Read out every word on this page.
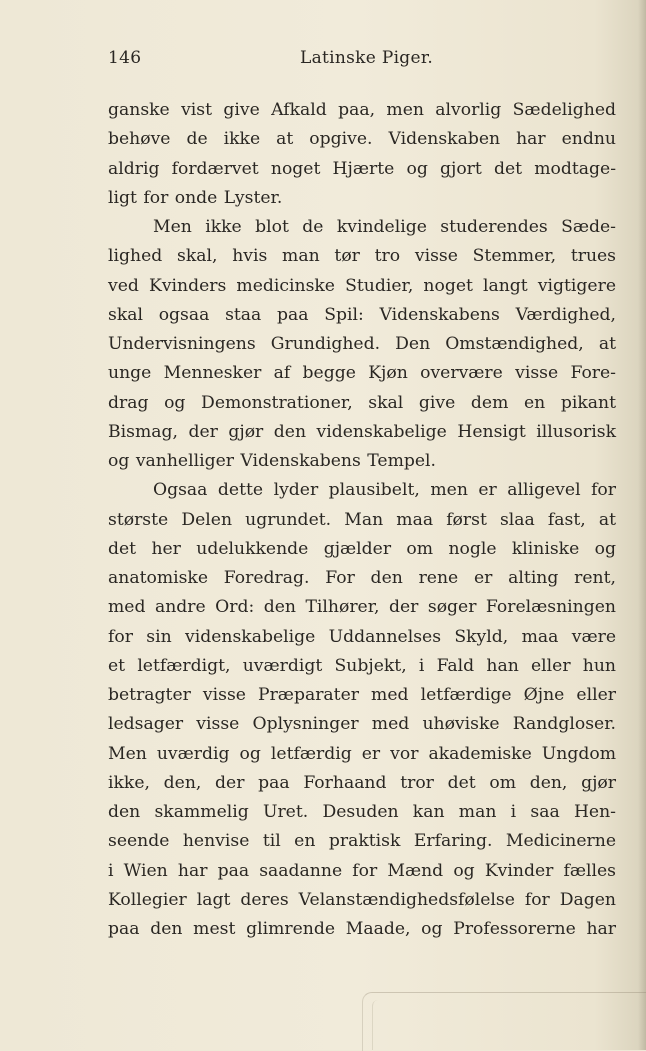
146	Latinske Piger.
ganske vist give Afkald paa, men alvorlig Sædelighed
behøve de ikke at opgive. Videnskaben har endnu
aldrig fordærvet noget Hjærte og gjort det modtage-
ligt for onde Lyster.
Men ikke blot de kvindelige studerendes Sæde-
lighed skal, hvis man tør tro visse Stemmer, trues
ved Kvinders medicinske Studier, noget langt vigtigere
skal ogsaa staa paa Spil: Videnskabens Værdighed,
Undervisningens Grundighed. Den Omstændighed, at
unge Mennesker af begge Kjøn overvære visse Fore-
drag og Demonstrationer, skal give dem en pikant
Bismag, der gjør den videnskabelige Hensigt illusorisk
og vanhelliger Videnskabens Tempel.
Ogsaa dette lyder plausibelt, men er alligevel for
største Delen ugrundet. Man maa først slaa fast, at
det her udelukkende gjælder om nogle kliniske og
anatomiske Foredrag. For den rene er alting rent,
med andre Ord: den Tilhører, der søger Forelæsningen
for sin videnskabelige Uddannelses Skyld, maa være
et letfærdigt, uværdigt Subjekt, i Fald han eller hun
betragter visse Præparater med letfærdige Øjne eller
ledsager visse Oplysninger med uhøviske Randgloser.
Men uværdig og letfærdig er vor akademiske Ungdom
ikke, den, der paa Forhaand tror det om den, gjør
den skammelig Uret. Desuden kan man i saa Hen-
seende henvise til en praktisk Erfaring. Medicinerne
i Wien har paa saadanne for Mænd og Kvinder fælles
Kollegier lagt deres Velanstændighedsfølelse for Dagen
paa den mest glimrende Maade, og Professorerne har
